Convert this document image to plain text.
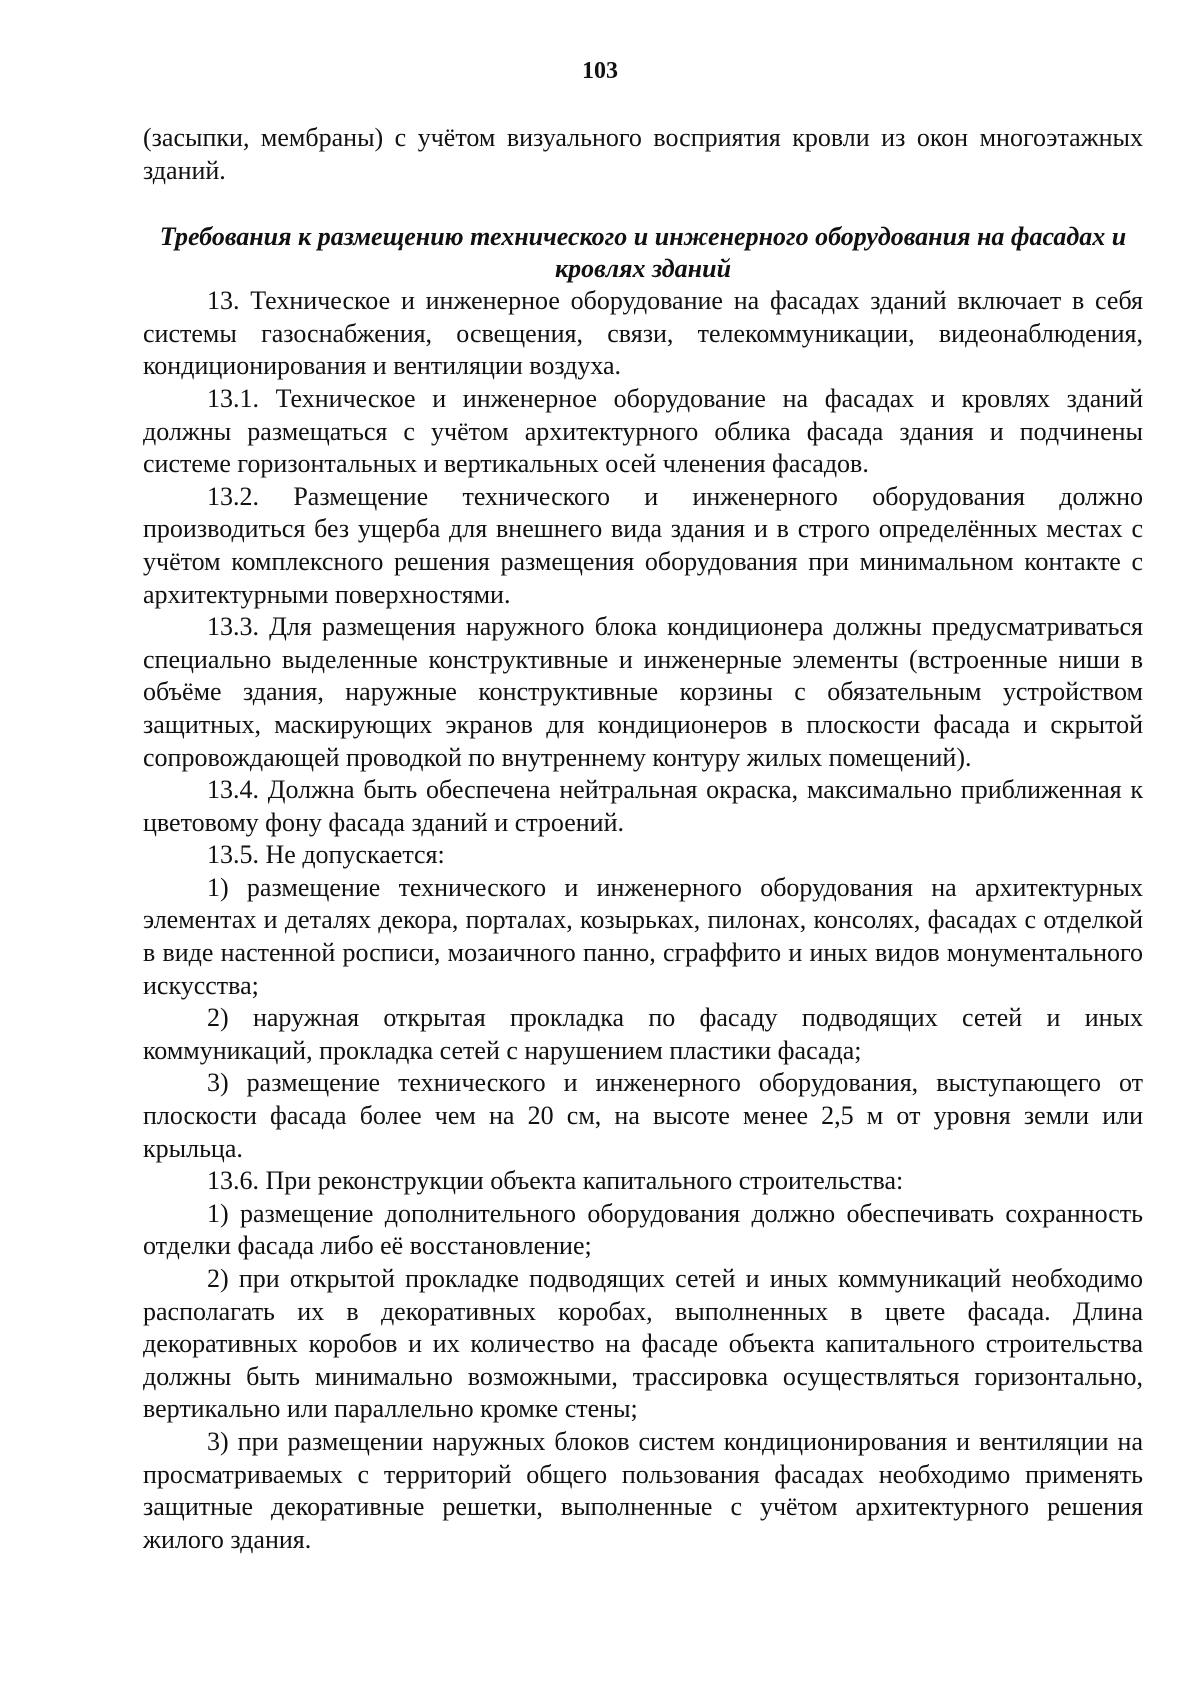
103

(засыпки, мембраны) с учётом визуального восприятия кровли из окон многоэтажных зданий.

Требования к размещению технического и инженерного оборудования на фасадах и кровлях зданий

13. Техническое и инженерное оборудование на фасадах зданий включает в себя системы газоснабжения, освещения, связи, телекоммуникации, видеонаблюдения, кондиционирования и вентиляции воздуха.

13.1. Техническое и инженерное оборудование на фасадах и кровлях зданий должны размещаться с учётом архитектурного облика фасада здания и подчинены системе горизонтальных и вертикальных осей членения фасадов.

13.2. Размещение технического и инженерного оборудования должно производиться без ущерба для внешнего вида здания и в строго определённых местах с учётом комплексного решения размещения оборудования при минимальном контакте с архитектурными поверхностями.

13.3. Для размещения наружного блока кондиционера должны предусматриваться специально выделенные конструктивные и инженерные элементы (встроенные ниши в объёме здания, наружные конструктивные корзины с обязательным устройством защитных, маскирующих экранов для кондиционеров в плоскости фасада и скрытой сопровождающей проводкой по внутреннему контуру жилых помещений).

13.4. Должна быть обеспечена нейтральная окраска, максимально приближенная к цветовому фону фасада зданий и строений.

13.5. Не допускается:

1) размещение технического и инженерного оборудования на архитектурных элементах и деталях декора, порталах, козырьках, пилонах, консолях, фасадах с отделкой в виде настенной росписи, мозаичного панно, сграффито и иных видов монументального искусства;

2) наружная открытая прокладка по фасаду подводящих сетей и иных коммуникаций, прокладка сетей с нарушением пластики фасада;

3) размещение технического и инженерного оборудования, выступающего от плоскости фасада более чем на 20 см, на высоте менее 2,5 м от уровня земли или крыльца.

13.6. При реконструкции объекта капитального строительства:

1) размещение дополнительного оборудования должно обеспечивать сохранность отделки фасада либо её восстановление;

2) при открытой прокладке подводящих сетей и иных коммуникаций необходимо располагать их в декоративных коробах, выполненных в цвете фасада. Длина декоративных коробов и их количество на фасаде объекта капитального строительства должны быть минимально возможными, трассировка осуществляться горизонтально, вертикально или параллельно кромке стены;

3) при размещении наружных блоков систем кондиционирования и вентиляции на просматриваемых с территорий общего пользования фасадах необходимо применять защитные декоративные решетки, выполненные с учётом архитектурного решения жилого здания.
